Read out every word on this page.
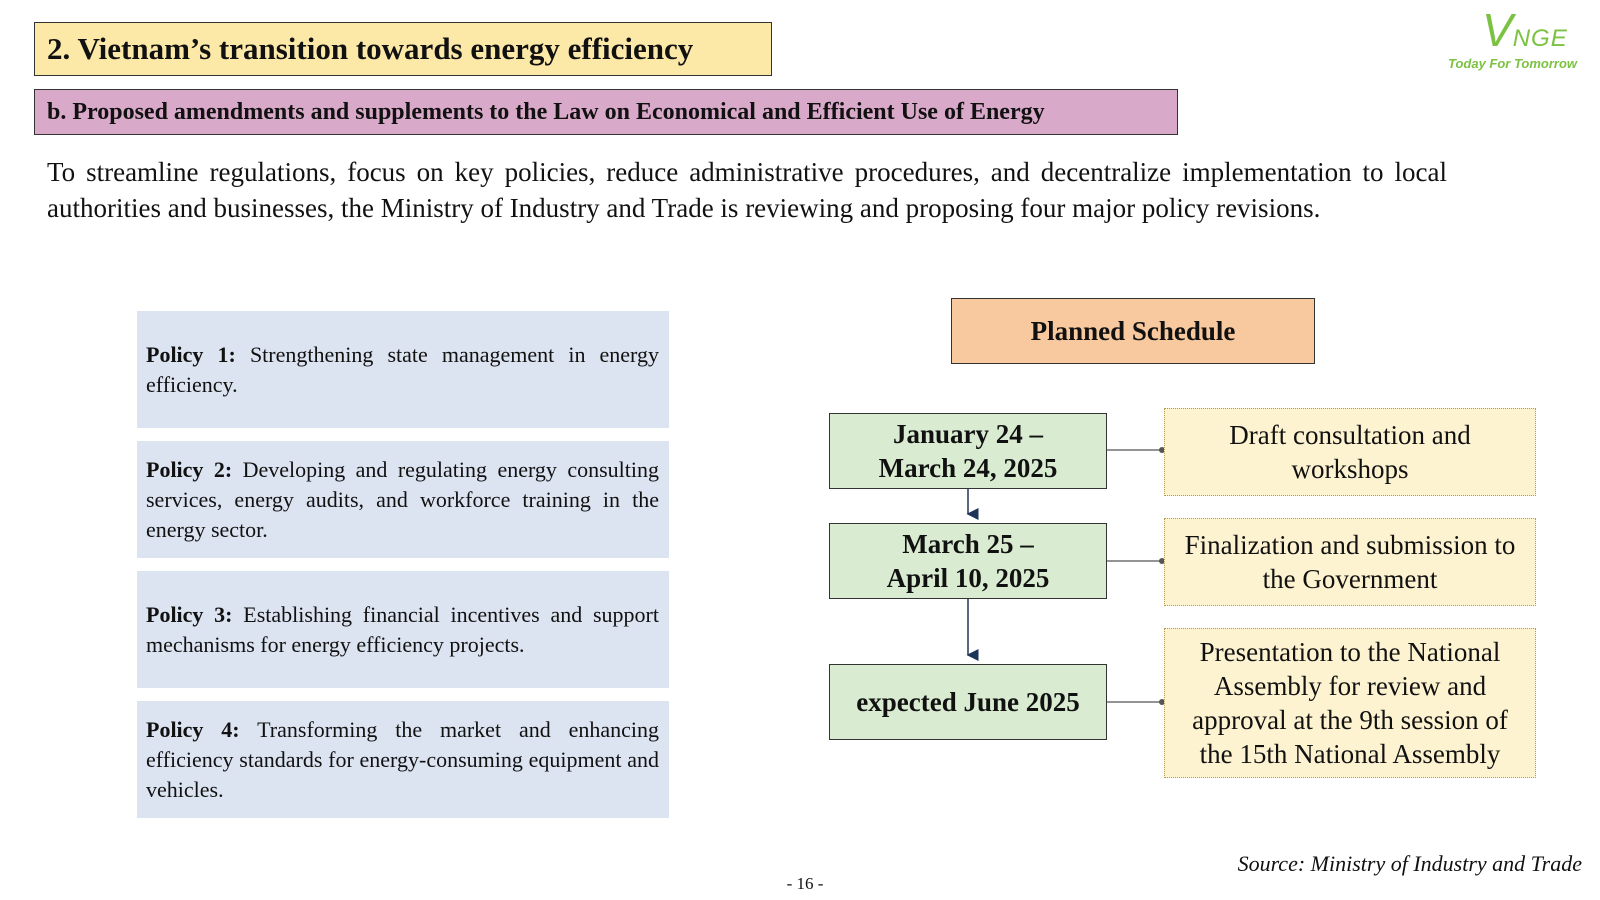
2. Vietnam’s transition towards energy efficiency
b. Proposed amendments and supplements to the Law on Economical and Efficient Use of Energy
VNGE
Today For Tomorrow
To streamline regulations, focus on key policies, reduce administrative procedures, and decentralize implementation to local authorities and businesses, the Ministry of Industry and Trade is reviewing and proposing four major policy revisions.
Policy 1: Strengthening state management in energy efficiency.
Policy 2: Developing and regulating energy consulting services, energy audits, and workforce training in the energy sector.
Policy 3: Establishing financial incentives and support mechanisms for energy efficiency projects.
Policy 4: Transforming the market and enhancing efficiency standards for energy-consuming equipment and vehicles.
Planned Schedule
January 24 –
March 24, 2025
March 25 –
April 10, 2025
expected June 2025
Draft consultation and workshops
Finalization and submission to the Government
Presentation to the National Assembly for review and approval at the 9th session of the 15th National Assembly
Source: Ministry of Industry and Trade
- 16 -
